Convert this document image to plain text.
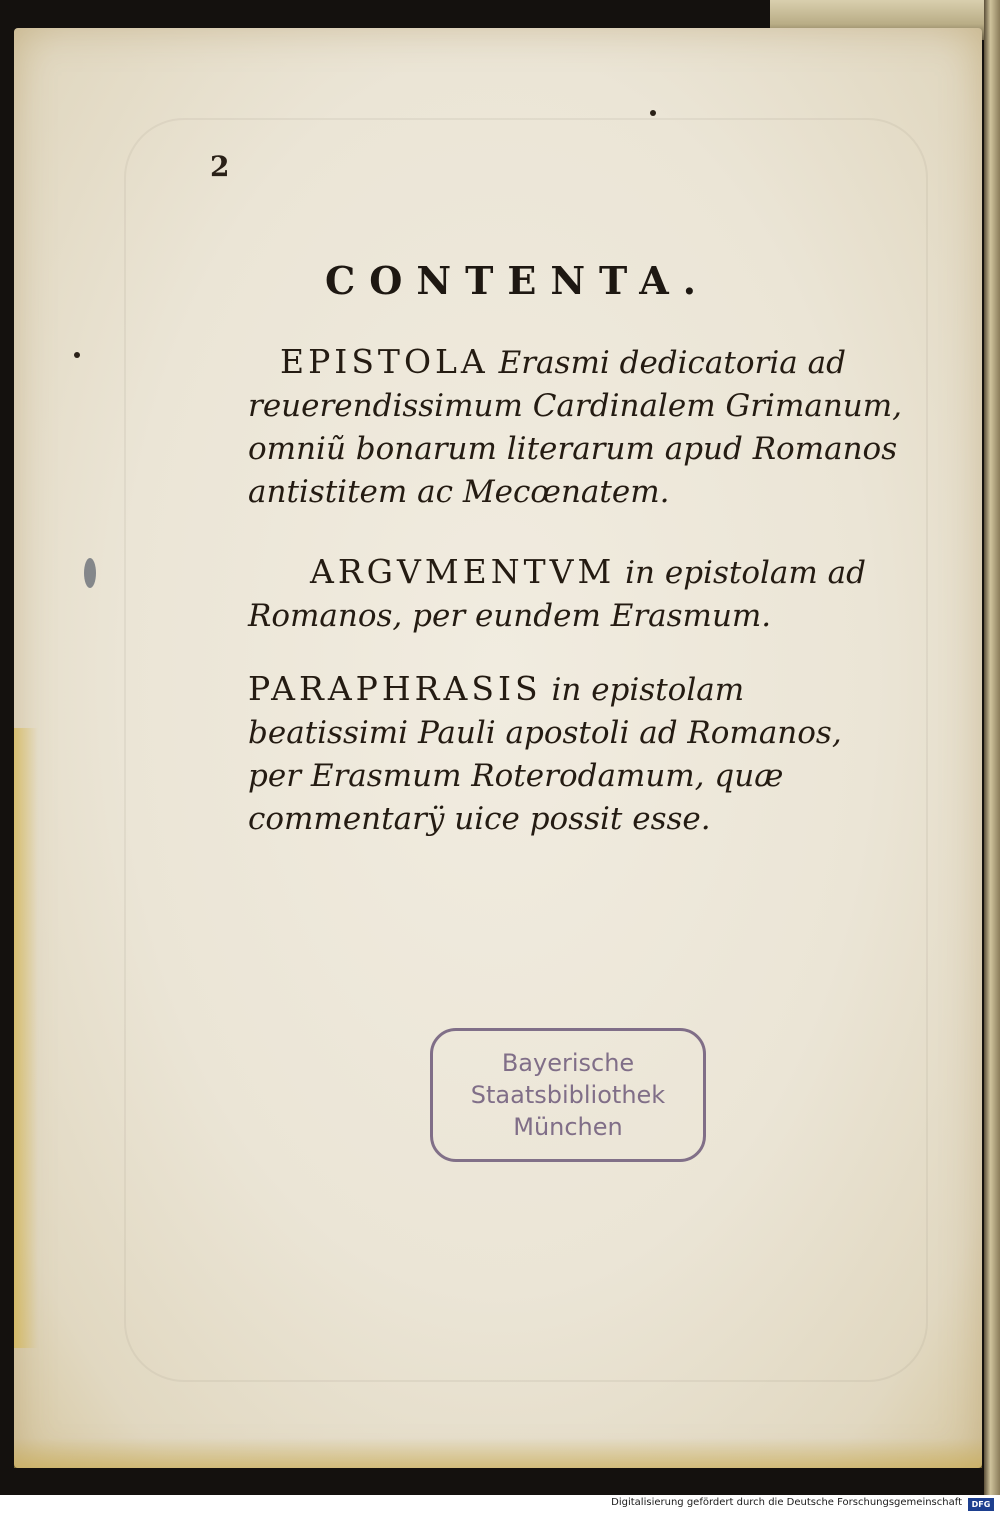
2

CONTENTA.

EPISTOLA Erasmi dedicatoria ad reuerendissimum Cardinalem Grimanum, omniũ bonarum literarum apud Romanos antistitem ac Mecœnatem.

ARGVMENTVM in epistolam ad Romanos, per eundem Erasmum.

PARAPHRASIS in epistolam beatissimi Pauli apostoli ad Romanos, per Erasmum Roterodamum, quæ commentarÿ uice possit esse.

Bayerische
Staatsbibliothek
München
Digitalisierung gefördert durch die Deutsche Forschungsgemeinschaft	DFG
